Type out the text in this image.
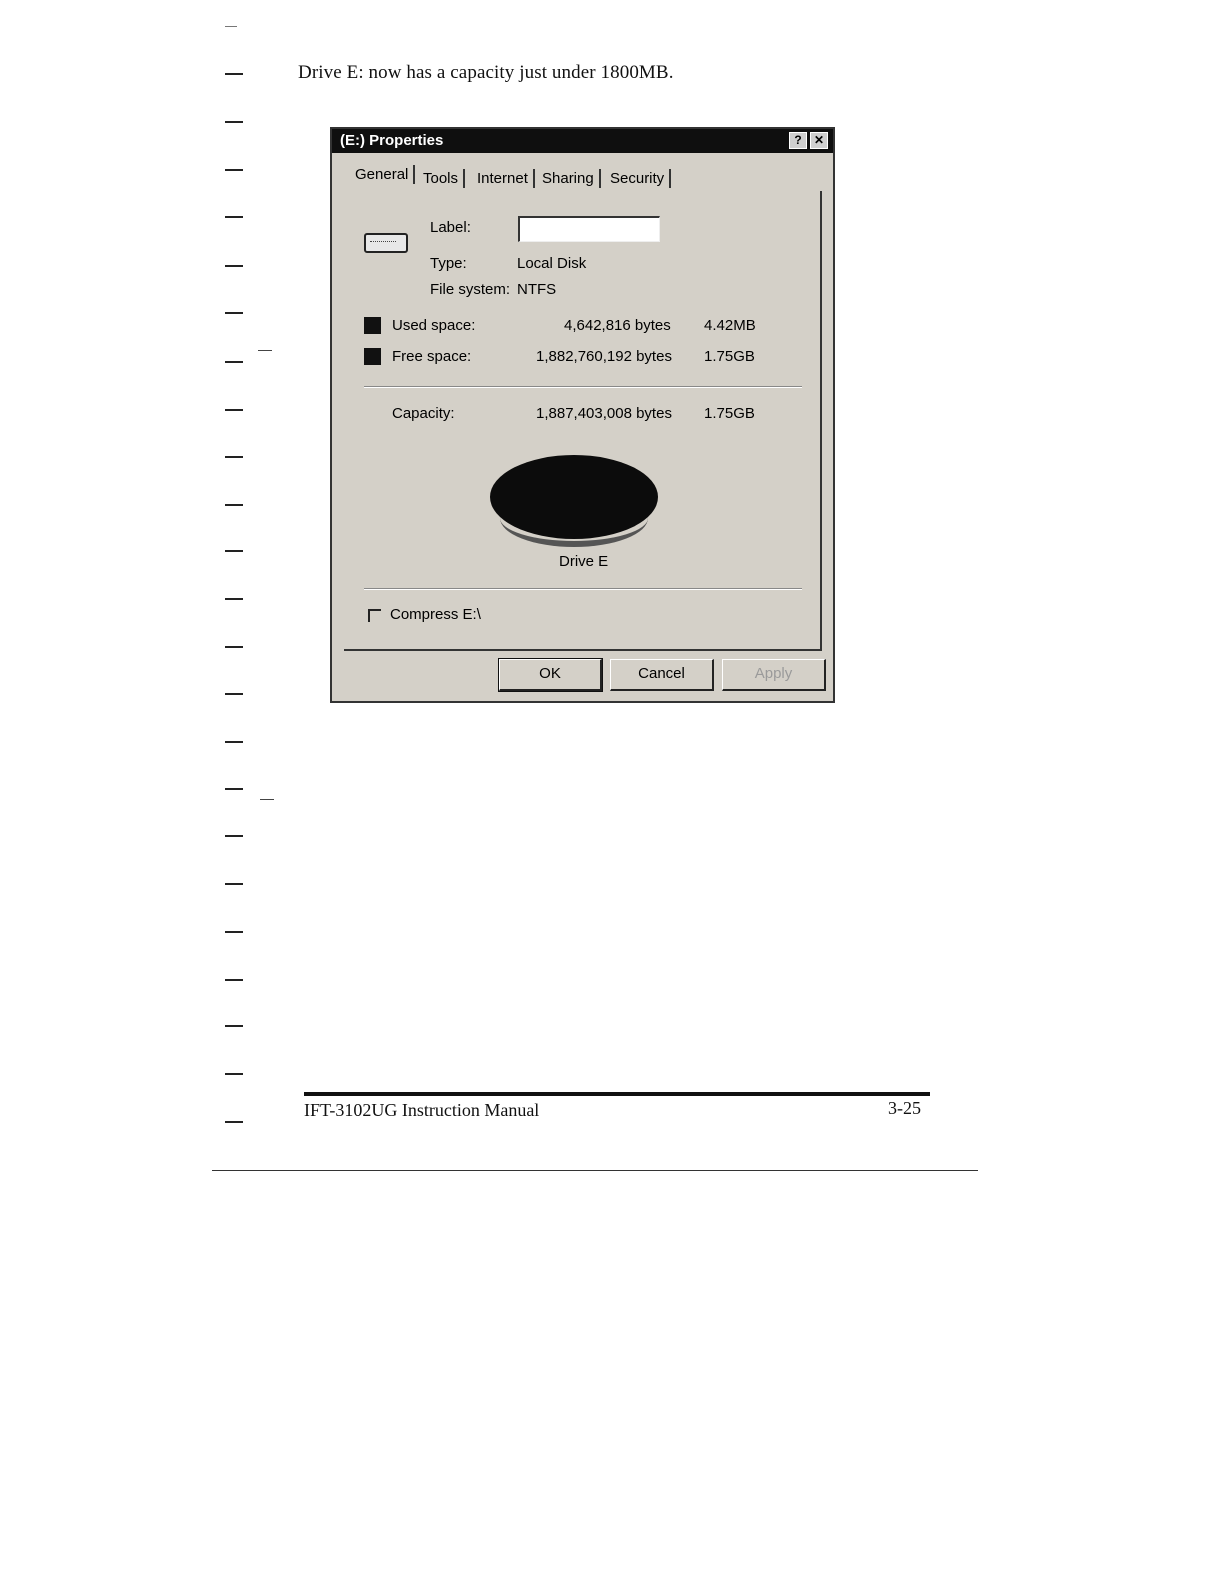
Drive E: now has a capacity just under 1800MB.
(E:) Properties	?	✕
General Tools	Internet Sharing	Security
Label:
Type:	Local Disk
File system: NTFS
Used space:	4,642,816 bytes 4.42MB
Free space:	1,882,760,192 bytes 1.75GB
Capacity:	1,887,403,008 bytes 1.75GB
Drive E
Compress E:\
OK	Cancel	Apply
IFT-3102UG Instruction Manual	3-25
